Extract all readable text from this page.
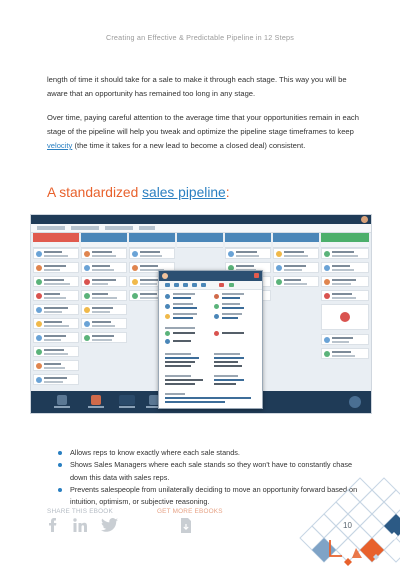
Creating an Effective & Predictable Pipeline in 12 Steps
length of time it should take for a sale to make it through each stage. This way you will be aware that an opportunity has remained too long in any stage.
Over time, paying careful attention to the average time that your opportunities remain in each stage of the pipeline will help you tweak and optimize the pipeline stage timeframes to keep velocity (the time it takes for a new lead to become a closed deal) consistent.
A standardized sales pipeline:
Allows reps to know exactly where each sale stands.
Shows Sales Managers where each sale stands so they won't have to constantly chase down this data with sales reps.
Prevents salespeople from unilaterally deciding to move an opportunity forward based on intuition, optimism, or subjective reasoning.
SHARE THIS EBOOK	GET MORE EBOOKS
10
